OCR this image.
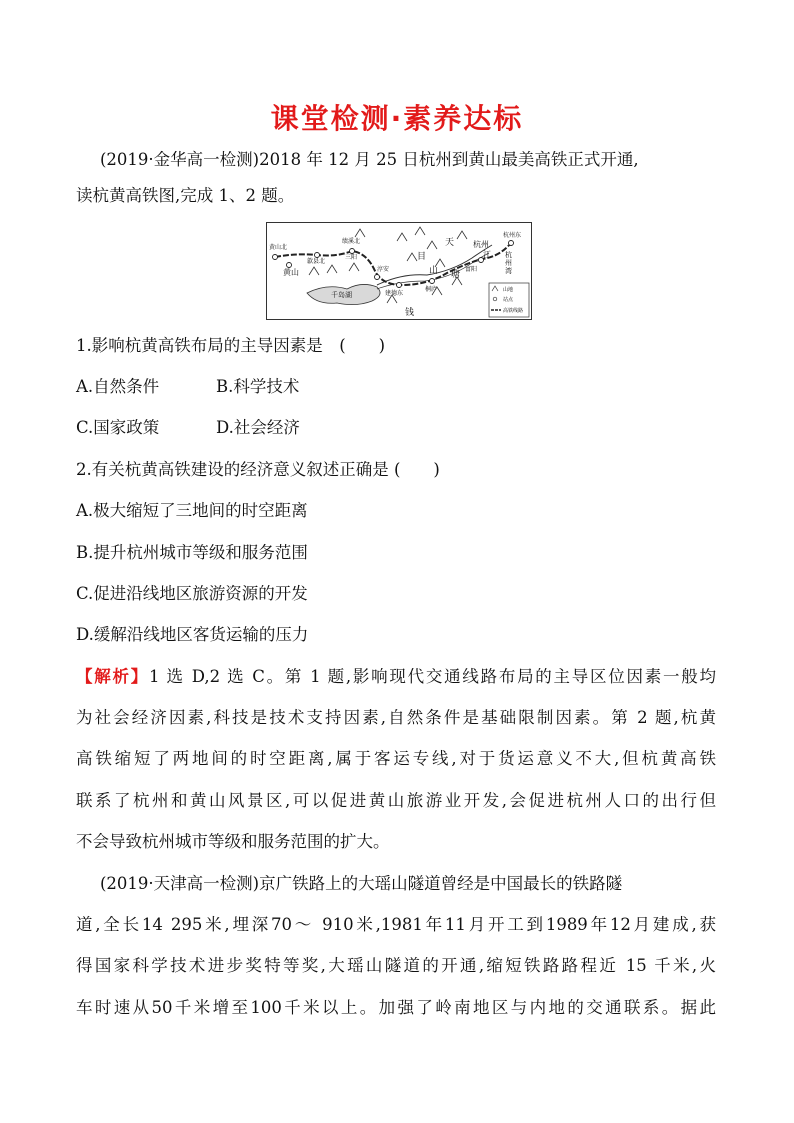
课堂检测·素养达标
(2019·金华高一检测)2018 年 12 月 25 日杭州到黄山最美高铁正式开通,
读杭黄高铁图,完成 1、2 题。
黄山北
黄山
歙县北
绩溪北
三阳
千岛湖
淳安
建德东
桐庐
富阳
杭州
杭州东
江
天
目
山 塘
钱
杭
州
湾
山地
站点
高铁线路
1.影响杭黄高铁布局的主导因素是　(　　)
A.自然条件	B.科学技术
C.国家政策	D.社会经济
2.有关杭黄高铁建设的经济意义叙述正确是 (　　)
A.极大缩短了三地间的时空距离
B.提升杭州城市等级和服务范围
C.促进沿线地区旅游资源的开发
D.缓解沿线地区客货运输的压力
【解析】1 选 D,2 选 C。第 1 题,影响现代交通线路布局的主导区位因素一般均
为社会经济因素,科技是技术支持因素,自然条件是基础限制因素。第 2 题,杭黄
高铁缩短了两地间的时空距离,属于客运专线,对于货运意义不大,但杭黄高铁
联系了杭州和黄山风景区,可以促进黄山旅游业开发,会促进杭州人口的出行但
不会导致杭州城市等级和服务范围的扩大。
(2019·天津高一检测)京广铁路上的大瑶山隧道曾经是中国最长的铁路隧
道,全长14 295米,埋深70～ 910米,1981年11月开工到1989年12月建成,获
得国家科学技术进步奖特等奖,大瑶山隧道的开通,缩短铁路路程近 15 千米,火
车时速从50千米增至100千米以上。加强了岭南地区与内地的交通联系。据此
